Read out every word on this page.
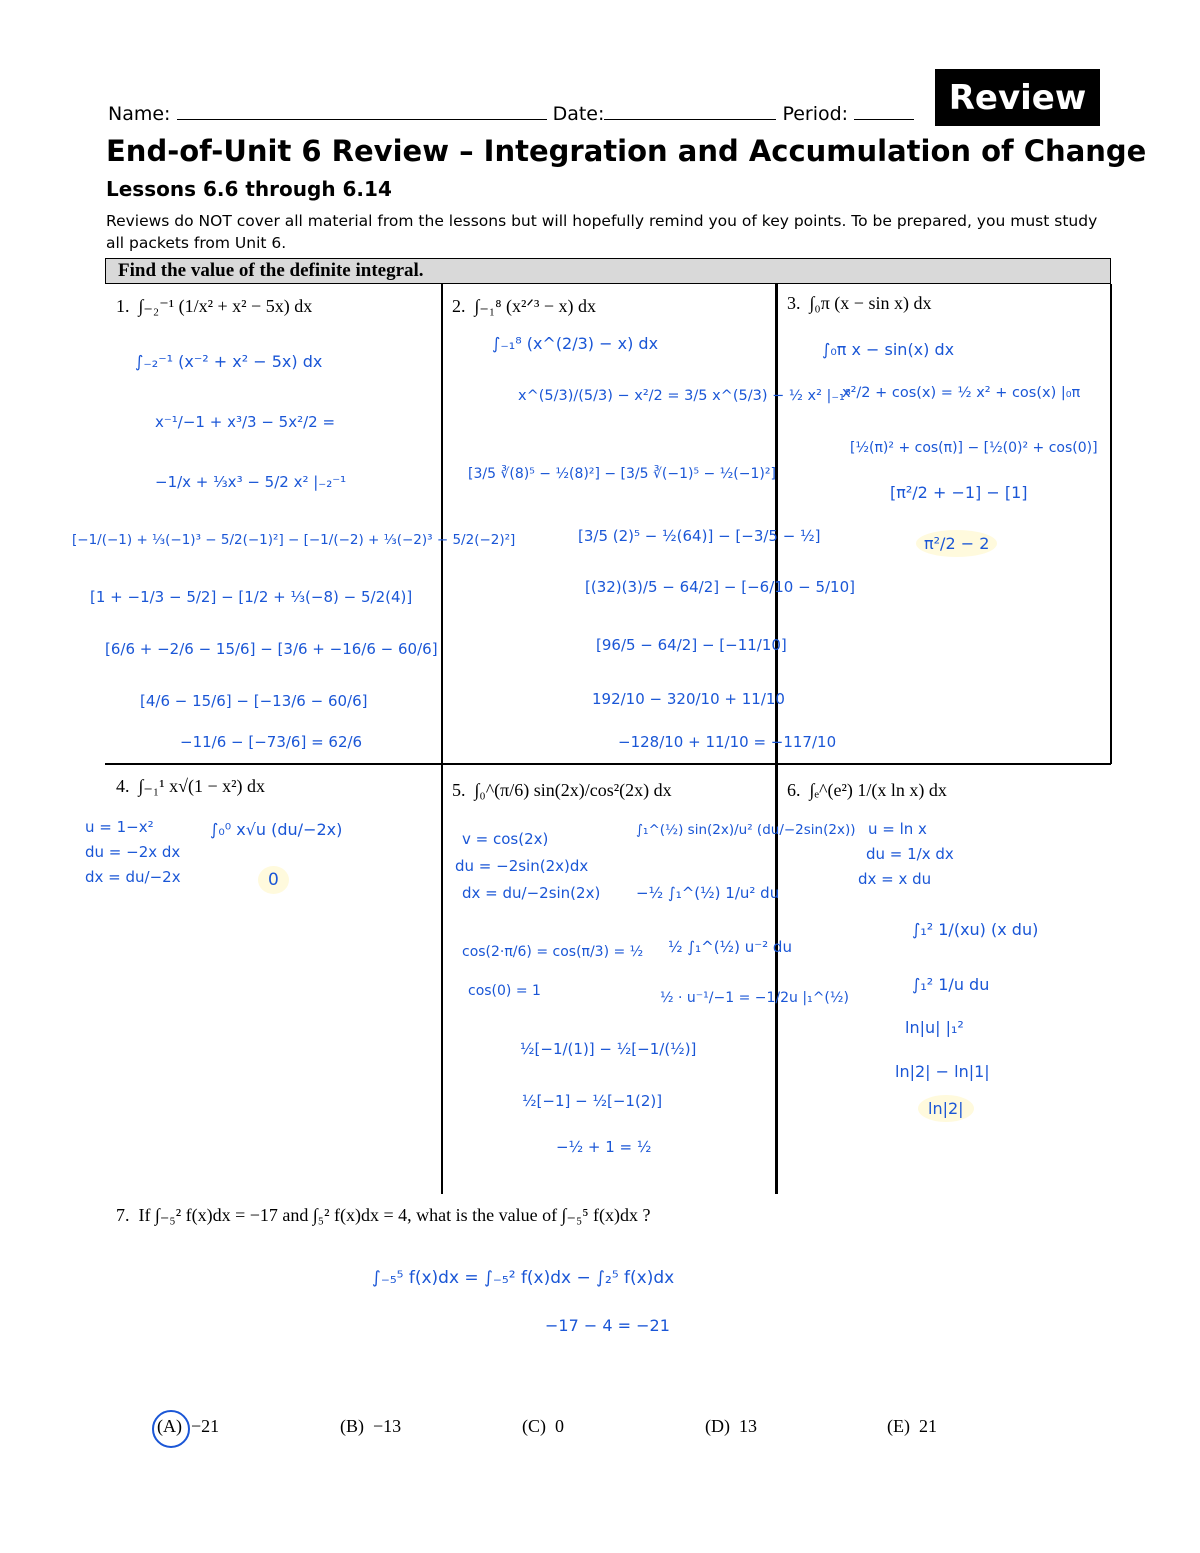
Name:	Date:	Period:	Review
End-of-Unit 6 Review – Integration and Accumulation of Change
Lessons 6.6 through 6.14
Reviews do NOT cover all material from the lessons but will hopefully remind you of key points. To be prepared, you must study all packets from Unit 6.
Find the value of the definite integral.
1. ∫₋₂⁻¹ (1/x² + x² − 5x) dx	2. ∫₋₁⁸ (x²ᐟ³ − x) dx	3. ∫₀π (x − sin x) dx
4. ∫₋₁¹ x√(1 − x²) dx	5. ∫₀^(π/6) sin(2x)/cos²(2x) dx	6. ∫ₑ^(e²) 1/(x ln x) dx
∫₋₂⁻¹ (x⁻² + x² − 5x) dx
x⁻¹/−1 + x³/3 − 5x²/2 =
−1/x + ⅓x³ − 5/2 x² |₋₂⁻¹
[−1/(−1) + ⅓(−1)³ − 5/2(−1)²] − [−1/(−2) + ⅓(−2)³ − 5/2(−2)²]
[1 + −1/3 − 5/2] − [1/2 + ⅓(−8) − 5/2(4)]
[6/6 + −2/6 − 15/6] − [3/6 + −16/6 − 60/6]
[4/6 − 15/6] − [−13/6 − 60/6]
−11/6 − [−73/6] = 62/6
∫₋₁⁸ (x^(2/3) − x) dx
x^(5/3)/(5/3) − x²/2 = 3/5 x^(5/3) − ½ x² |₋₁⁸
[3/5 ∛(8)⁵ − ½(8)²] − [3/5 ∛(−1)⁵ − ½(−1)²]
[3/5 (2)⁵ − ½(64)] − [−3/5 − ½]
[(32)(3)/5 − 64/2] − [−6/10 − 5/10]
[96/5 − 64/2] − [−11/10]
192/10 − 320/10 + 11/10
−128/10 + 11/10 = −117/10
∫₀π x − sin(x) dx
x²/2 + cos(x) = ½ x² + cos(x) |₀π
[½(π)² + cos(π)] − [½(0)² + cos(0)]
[π²/2 + −1] − [1]
π²/2 − 2
u = 1−x²
du = −2x dx
dx = du/−2x
∫₀⁰ x√u (du/−2x)
0
v = cos(2x)
du = −2sin(2x)dx
dx = du/−2sin(2x)
cos(2·π/6) = cos(π/3) = ½
cos(0) = 1
∫₁^(½) sin(2x)/u² (du/−2sin(2x))
−½ ∫₁^(½) 1/u² du
½ ∫₁^(½) u⁻² du
½ · u⁻¹/−1 = −1/2u |₁^(½)
½[−1/(1)] − ½[−1/(½)]
½[−1] − ½[−1(2)]
−½ + 1 = ½
u = ln x
du = 1/x dx
dx = x du
∫₁² 1/(xu) (x du)
∫₁² 1/u du
ln|u| |₁²
ln|2| − ln|1|
ln|2|
7. If ∫₋₅² f(x)dx = −17 and ∫₅² f(x)dx = 4, what is the value of ∫₋₅⁵ f(x)dx ?
∫₋₅⁵ f(x)dx = ∫₋₅² f(x)dx − ∫₂⁵ f(x)dx
−17 − 4 = −21
(A) −21	(B) −13	(C) 0	(D) 13	(E) 21
